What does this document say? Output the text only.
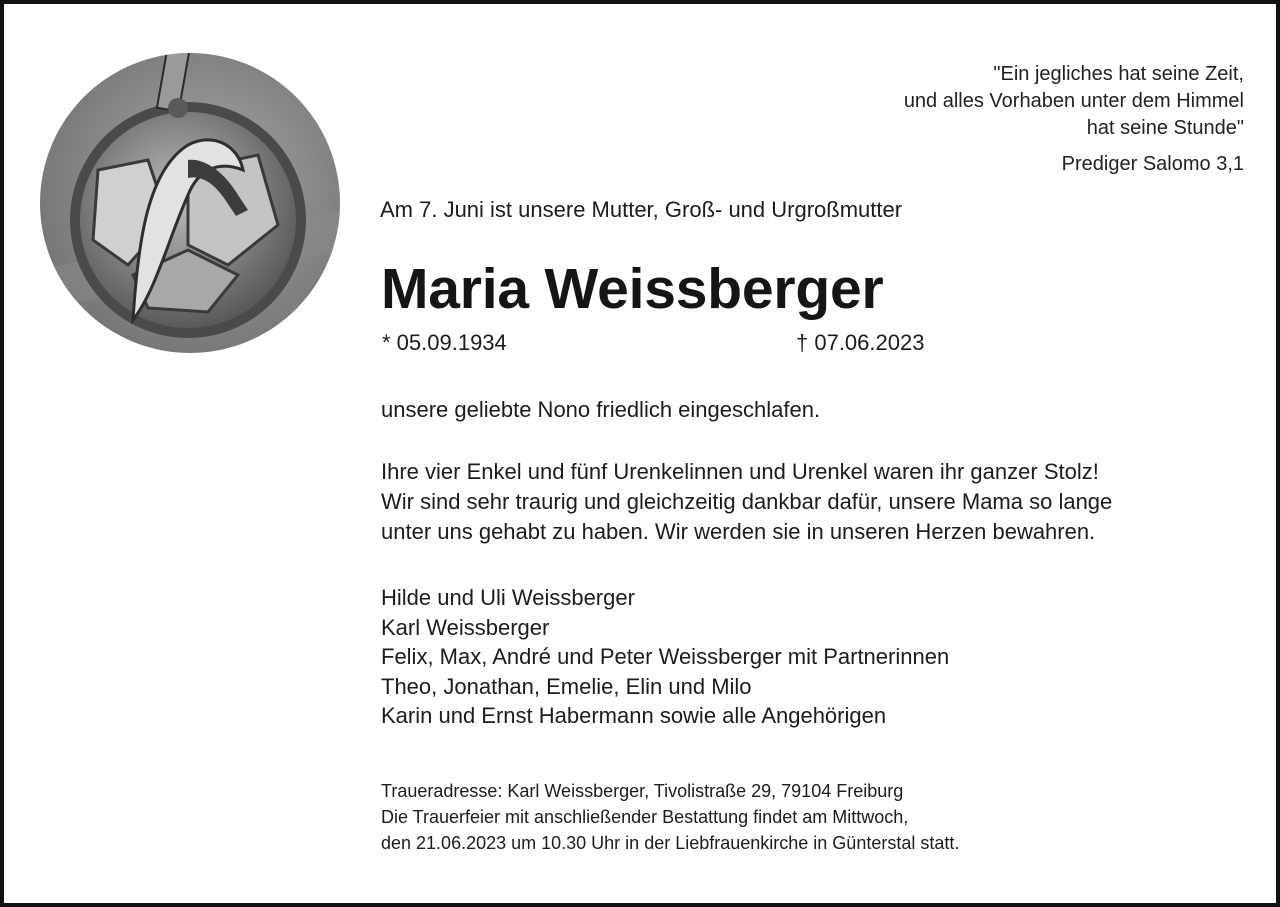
"Ein jegliches hat seine Zeit,
und alles Vorhaben unter dem Himmel
hat seine Stunde"
Prediger Salomo 3,1
Am 7. Juni ist unsere Mutter, Groß- und Urgroßmutter
Maria Weissberger
* 05.09.1934	† 07.06.2023
unsere geliebte Nono friedlich eingeschlafen.
Ihre vier Enkel und fünf Urenkelinnen und Urenkel waren ihr ganzer Stolz!
Wir sind sehr traurig und gleichzeitig dankbar dafür, unsere Mama so lange
unter uns gehabt zu haben. Wir werden sie in unseren Herzen bewahren.
Hilde und Uli Weissberger
Karl Weissberger
Felix, Max, André und Peter Weissberger mit Partnerinnen
Theo, Jonathan, Emelie, Elin und Milo
Karin und Ernst Habermann sowie alle Angehörigen
Traueradresse: Karl Weissberger, Tivolistraße 29, 79104 Freiburg
Die Trauerfeier mit anschließender Bestattung findet am Mittwoch,
den 21.06.2023 um 10.30 Uhr in der Liebfrauenkirche in Günterstal statt.
